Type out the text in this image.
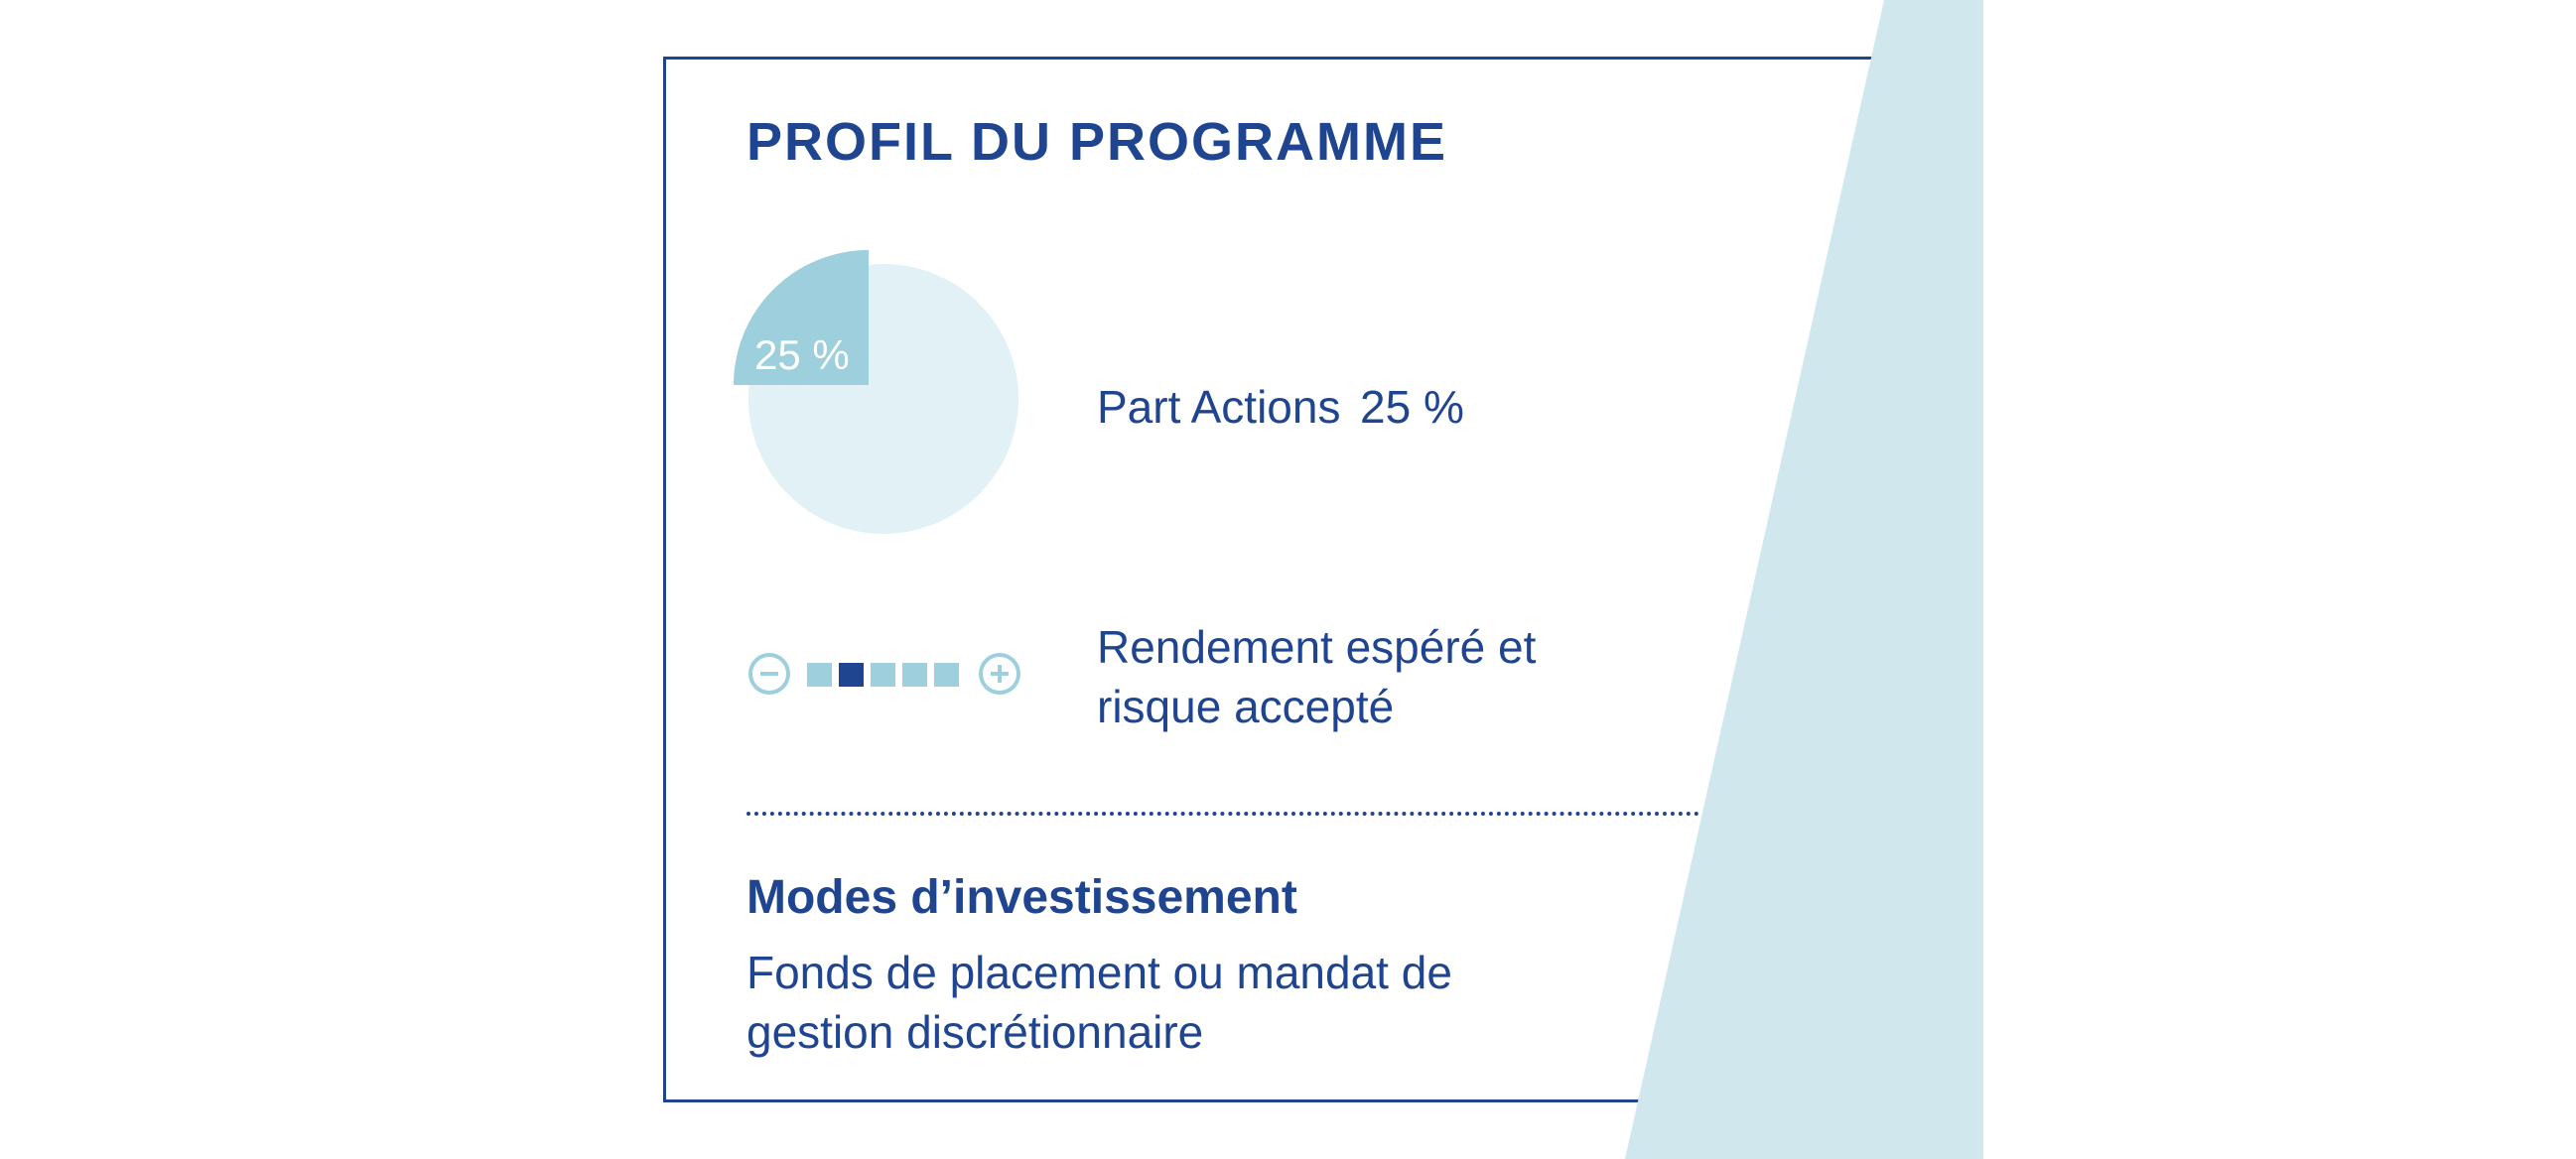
PROFIL DU PROGRAMME
25 %
Part Actions 25 %
Rendement espéré et risque accepté
Modes d’investissement
Fonds de placement ou mandat de gestion discrétionnaire
